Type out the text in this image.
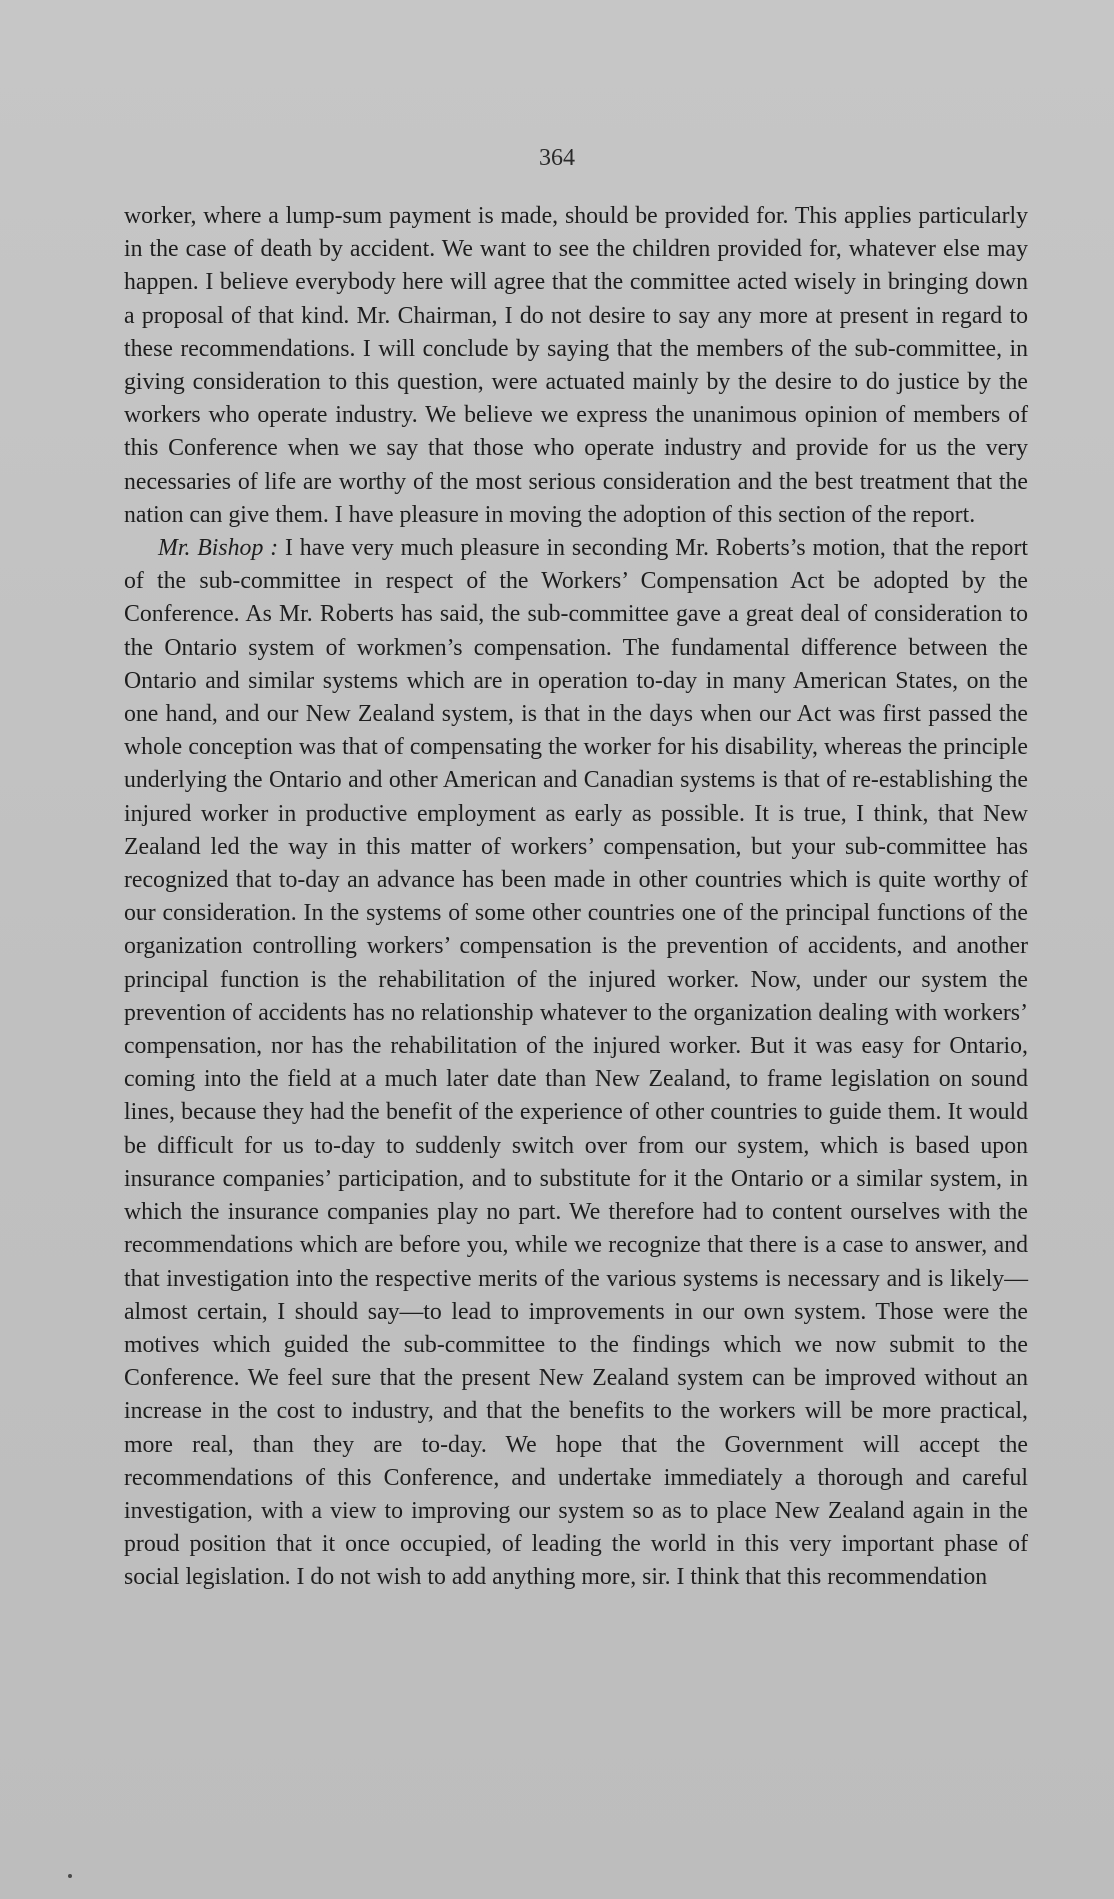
364

worker, where a lump-sum payment is made, should be provided for. This applies particularly in the case of death by accident. We want to see the children provided for, whatever else may happen. I believe everybody here will agree that the committee acted wisely in bringing down a proposal of that kind. Mr. Chairman, I do not desire to say any more at present in regard to these recommendations. I will conclude by saying that the members of the sub-committee, in giving consideration to this question, were actuated mainly by the desire to do justice by the workers who operate industry. We believe we express the unanimous opinion of members of this Conference when we say that those who operate industry and provide for us the very necessaries of life are worthy of the most serious consideration and the best treatment that the nation can give them. I have pleasure in moving the adoption of this section of the report.

Mr. Bishop : I have very much pleasure in seconding Mr. Roberts’s motion, that the report of the sub-committee in respect of the Workers’ Compensation Act be adopted by the Conference. As Mr. Roberts has said, the sub-committee gave a great deal of consideration to the Ontario system of workmen’s compensation. The fundamental difference between the Ontario and similar systems which are in operation to-day in many American States, on the one hand, and our New Zealand system, is that in the days when our Act was first passed the whole conception was that of compensating the worker for his disability, whereas the principle underlying the Ontario and other American and Canadian systems is that of re-establishing the injured worker in productive employment as early as possible. It is true, I think, that New Zealand led the way in this matter of workers’ compensation, but your sub-committee has recognized that to-day an advance has been made in other countries which is quite worthy of our consideration. In the systems of some other countries one of the principal functions of the organization controlling workers’ compensation is the prevention of accidents, and another principal function is the rehabilitation of the injured worker. Now, under our system the prevention of accidents has no relationship whatever to the organization dealing with workers’ compensation, nor has the rehabilitation of the injured worker. But it was easy for Ontario, coming into the field at a much later date than New Zealand, to frame legislation on sound lines, because they had the benefit of the experience of other countries to guide them. It would be difficult for us to-day to suddenly switch over from our system, which is based upon insurance companies’ participation, and to substitute for it the Ontario or a similar system, in which the insurance companies play no part. We therefore had to content ourselves with the recommendations which are before you, while we recognize that there is a case to answer, and that investigation into the respective merits of the various systems is necessary and is likely—almost certain, I should say—to lead to improvements in our own system. Those were the motives which guided the sub-committee to the findings which we now submit to the Conference. We feel sure that the present New Zealand system can be improved without an increase in the cost to industry, and that the benefits to the workers will be more practical, more real, than they are to-day. We hope that the Government will accept the recommendations of this Conference, and undertake immediately a thorough and careful investigation, with a view to improving our system so as to place New Zealand again in the proud position that it once occupied, of leading the world in this very important phase of social legislation. I do not wish to add anything more, sir. I think that this recommendation
